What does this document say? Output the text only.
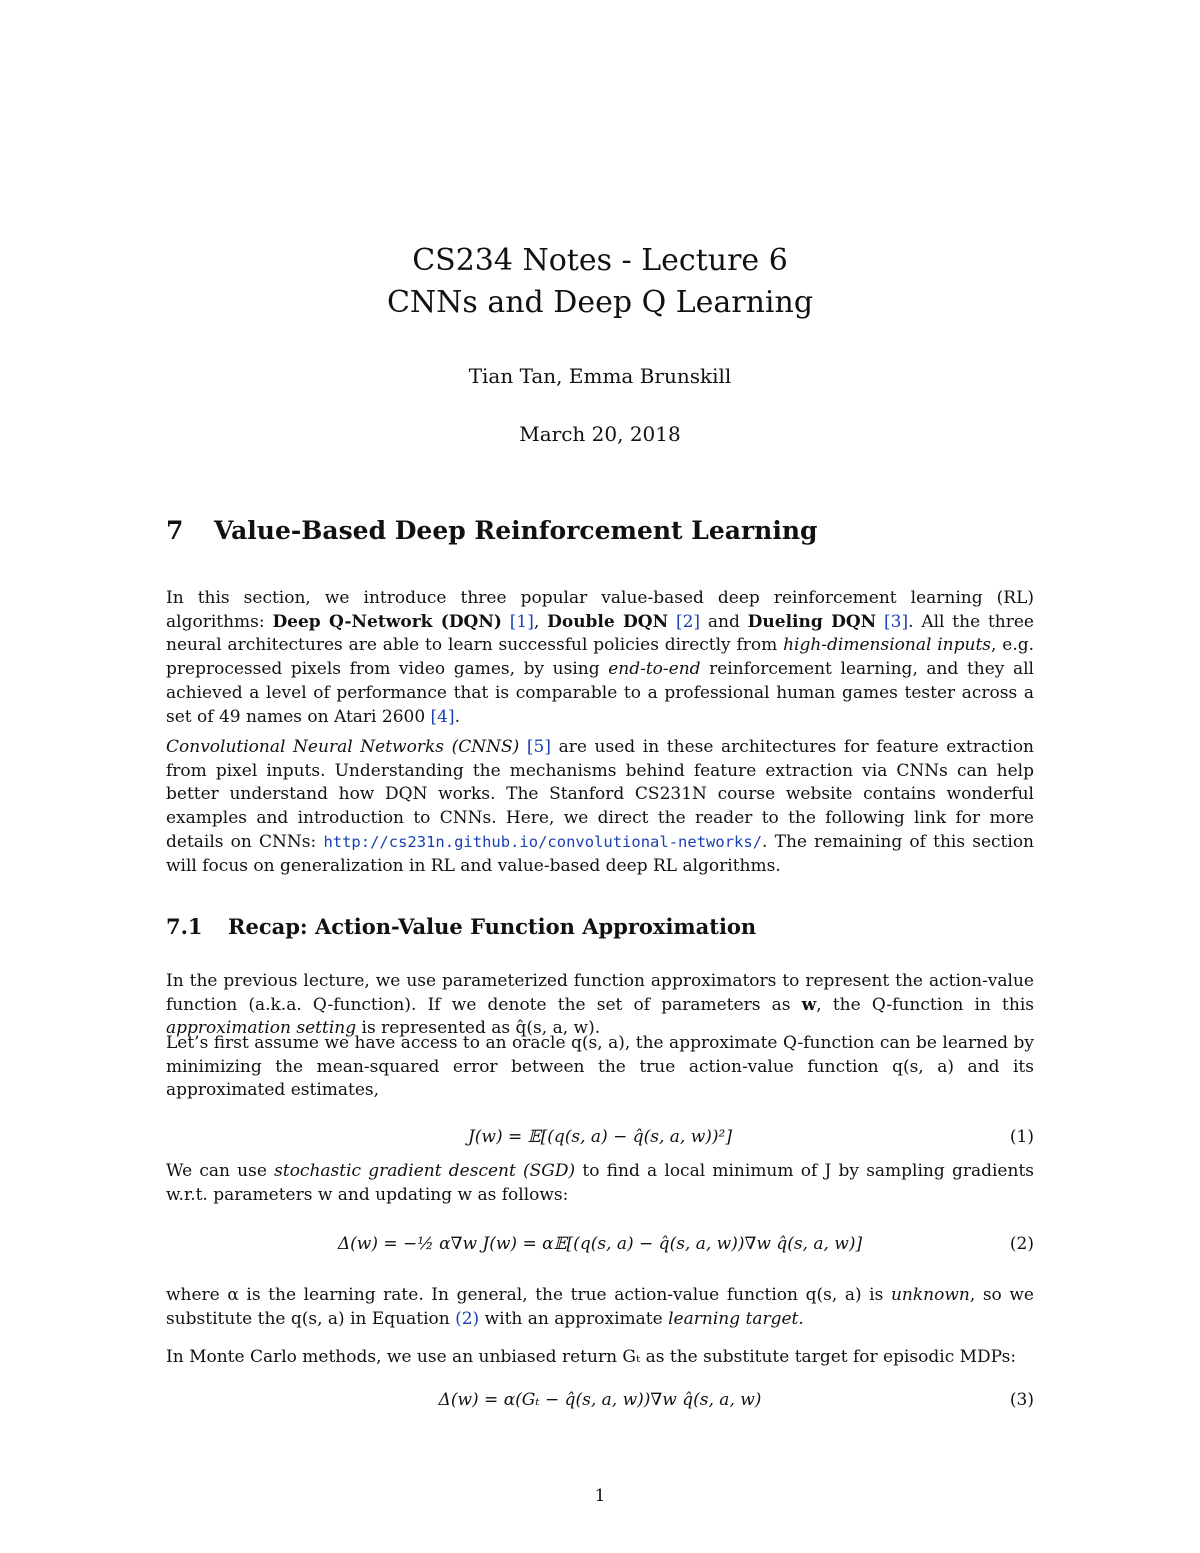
CS234 Notes - Lecture 6
CNNs and Deep Q Learning
Tian Tan, Emma Brunskill
March 20, 2018
7 Value-Based Deep Reinforcement Learning
In this section, we introduce three popular value-based deep reinforcement learning (RL) algorithms: Deep Q-Network (DQN) [1], Double DQN [2] and Dueling DQN [3]. All the three neural architectures are able to learn successful policies directly from high-dimensional inputs, e.g. preprocessed pixels from video games, by using end-to-end reinforcement learning, and they all achieved a level of performance that is comparable to a professional human games tester across a set of 49 names on Atari 2600 [4].
Convolutional Neural Networks (CNNS) [5] are used in these architectures for feature extraction from pixel inputs. Understanding the mechanisms behind feature extraction via CNNs can help better understand how DQN works. The Stanford CS231N course website contains wonderful examples and introduction to CNNs. Here, we direct the reader to the following link for more details on CNNs: http://cs231n.github.io/convolutional-networks/. The remaining of this section will focus on generalization in RL and value-based deep RL algorithms.
7.1 Recap: Action-Value Function Approximation
In the previous lecture, we use parameterized function approximators to represent the action-value function (a.k.a. Q-function). If we denote the set of parameters as w, the Q-function in this approximation setting is represented as q̂(s, a, w).
Let’s first assume we have access to an oracle q(s, a), the approximate Q-function can be learned by minimizing the mean-squared error between the true action-value function q(s, a) and its approximated estimates,
J(w) = 𝔼[(q(s, a) − q̂(s, a, w))²]	(1)
We can use stochastic gradient descent (SGD) to find a local minimum of J by sampling gradients w.r.t. parameters w and updating w as follows:
Δ(w) = −½ α∇w J(w) = α𝔼[(q(s, a) − q̂(s, a, w))∇w q̂(s, a, w)]	(2)
where α is the learning rate. In general, the true action-value function q(s, a) is unknown, so we substitute the q(s, a) in Equation (2) with an approximate learning target.
In Monte Carlo methods, we use an unbiased return Gₜ as the substitute target for episodic MDPs:
Δ(w) = α(Gₜ − q̂(s, a, w))∇w q̂(s, a, w)	(3)
1
